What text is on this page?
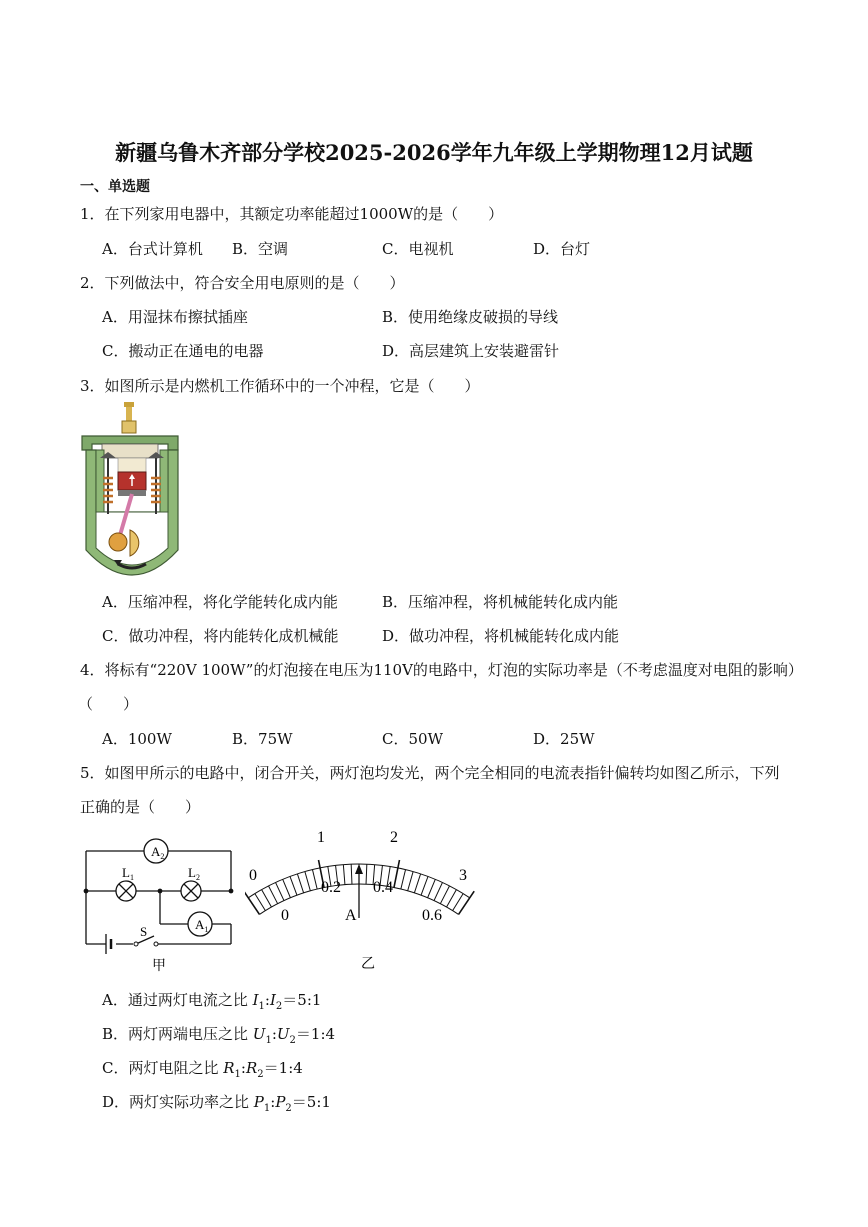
新疆乌鲁木齐部分学校2025-2026学年九年级上学期物理12月试题
一、单选题
1．在下列家用电器中，其额定功率能超过1000W的是（　　）
A．台式计算机 B．空调	C．电视机	D．台灯
2．下列做法中，符合安全用电原则的是（　　）
A．用湿抹布擦拭插座	B．使用绝缘皮破损的导线
C．搬动正在通电的电器	D．高层建筑上安装避雷针
3．如图所示是内燃机工作循环中的一个冲程，它是（　　）
A．压缩冲程，将化学能转化成内能	B．压缩冲程，将机械能转化成内能
C．做功冲程，将内能转化成机械能	D．做功冲程，将机械能转化成内能
4．将标有“220V 100W”的灯泡接在电压为110V的电路中，灯泡的实际功率是（不考虑温度对电阻的影响）
（　　）
A．100W	B．75W	C．50W	D．25W
5．如图甲所示的电路中，闭合开关，两灯泡均发光，两个完全相同的电流表指针偏转均如图乙所示，下列
正确的是（　　）
$A_2$
$A_1$
$L_1$	$L_2$
S
甲
0
1	2
3
0
0.2 0.4
0.6
A
乙
A．通过两灯电流之比 $I_1:I_2=5:1$
B．两灯两端电压之比 $U_1:U_2=1:4$
C．两灯电阻之比 $R_1:R_2=1:4$
D．两灯实际功率之比 $P_1:P_2=5:1$
